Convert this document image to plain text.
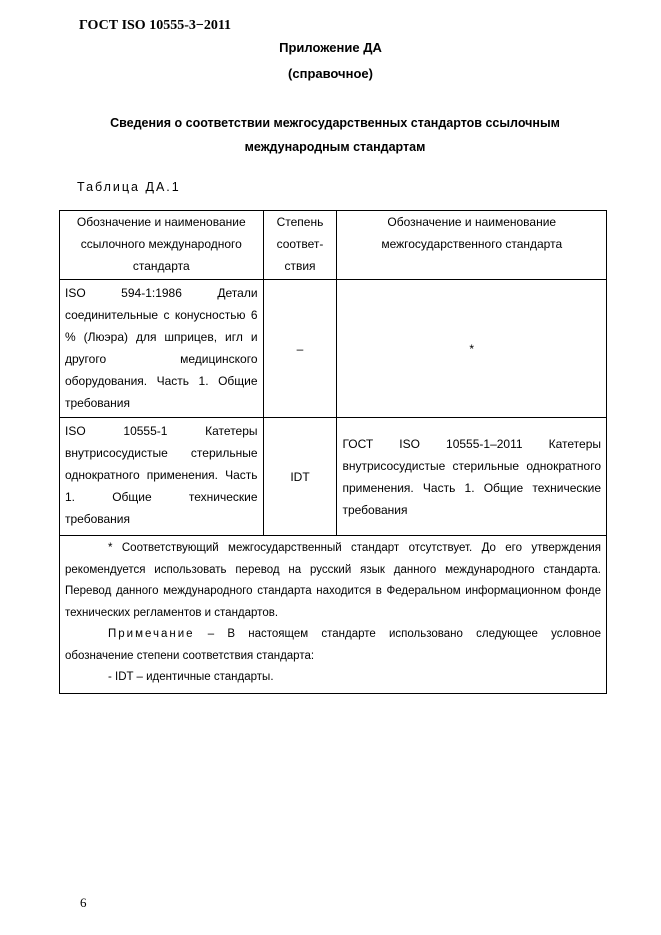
ГОСТ ISO 10555-3−2011
Приложение ДА
(справочное)
Сведения о соответствии межгосударственных стандартов ссылочным международным стандартам
Таблица ДА.1
Обозначение и наименование ссылочного международного стандарта	Степень соответ-ствия	Обозначение и наименование межгосударственного стандарта
ISO 594-1:1986 Детали соединительные с конусностью 6 % (Люэра) для шприцев, игл и другого медицинского оборудования. Часть 1. Общие требования	–	*
ISO 10555-1 Катетеры внутрисосудистые стерильные однократного применения. Часть 1. Общие технические требования	IDT	ГОСТ ISO 10555-1–2011 Катетеры внутрисосудистые стерильные однократного применения. Часть 1. Общие технические требования

* Соответствующий межгосударственный стандарт отсутствует. До его утверждения рекомендуется использовать перевод на русский язык данного международного стандарта. Перевод данного международного стандарта находится в Федеральном информационном фонде технических регламентов и стандартов.

Примечание – В настоящем стандарте использовано следующее условное обозначение степени соответствия стандарта:

- IDT – идентичные стандарты.		

6
